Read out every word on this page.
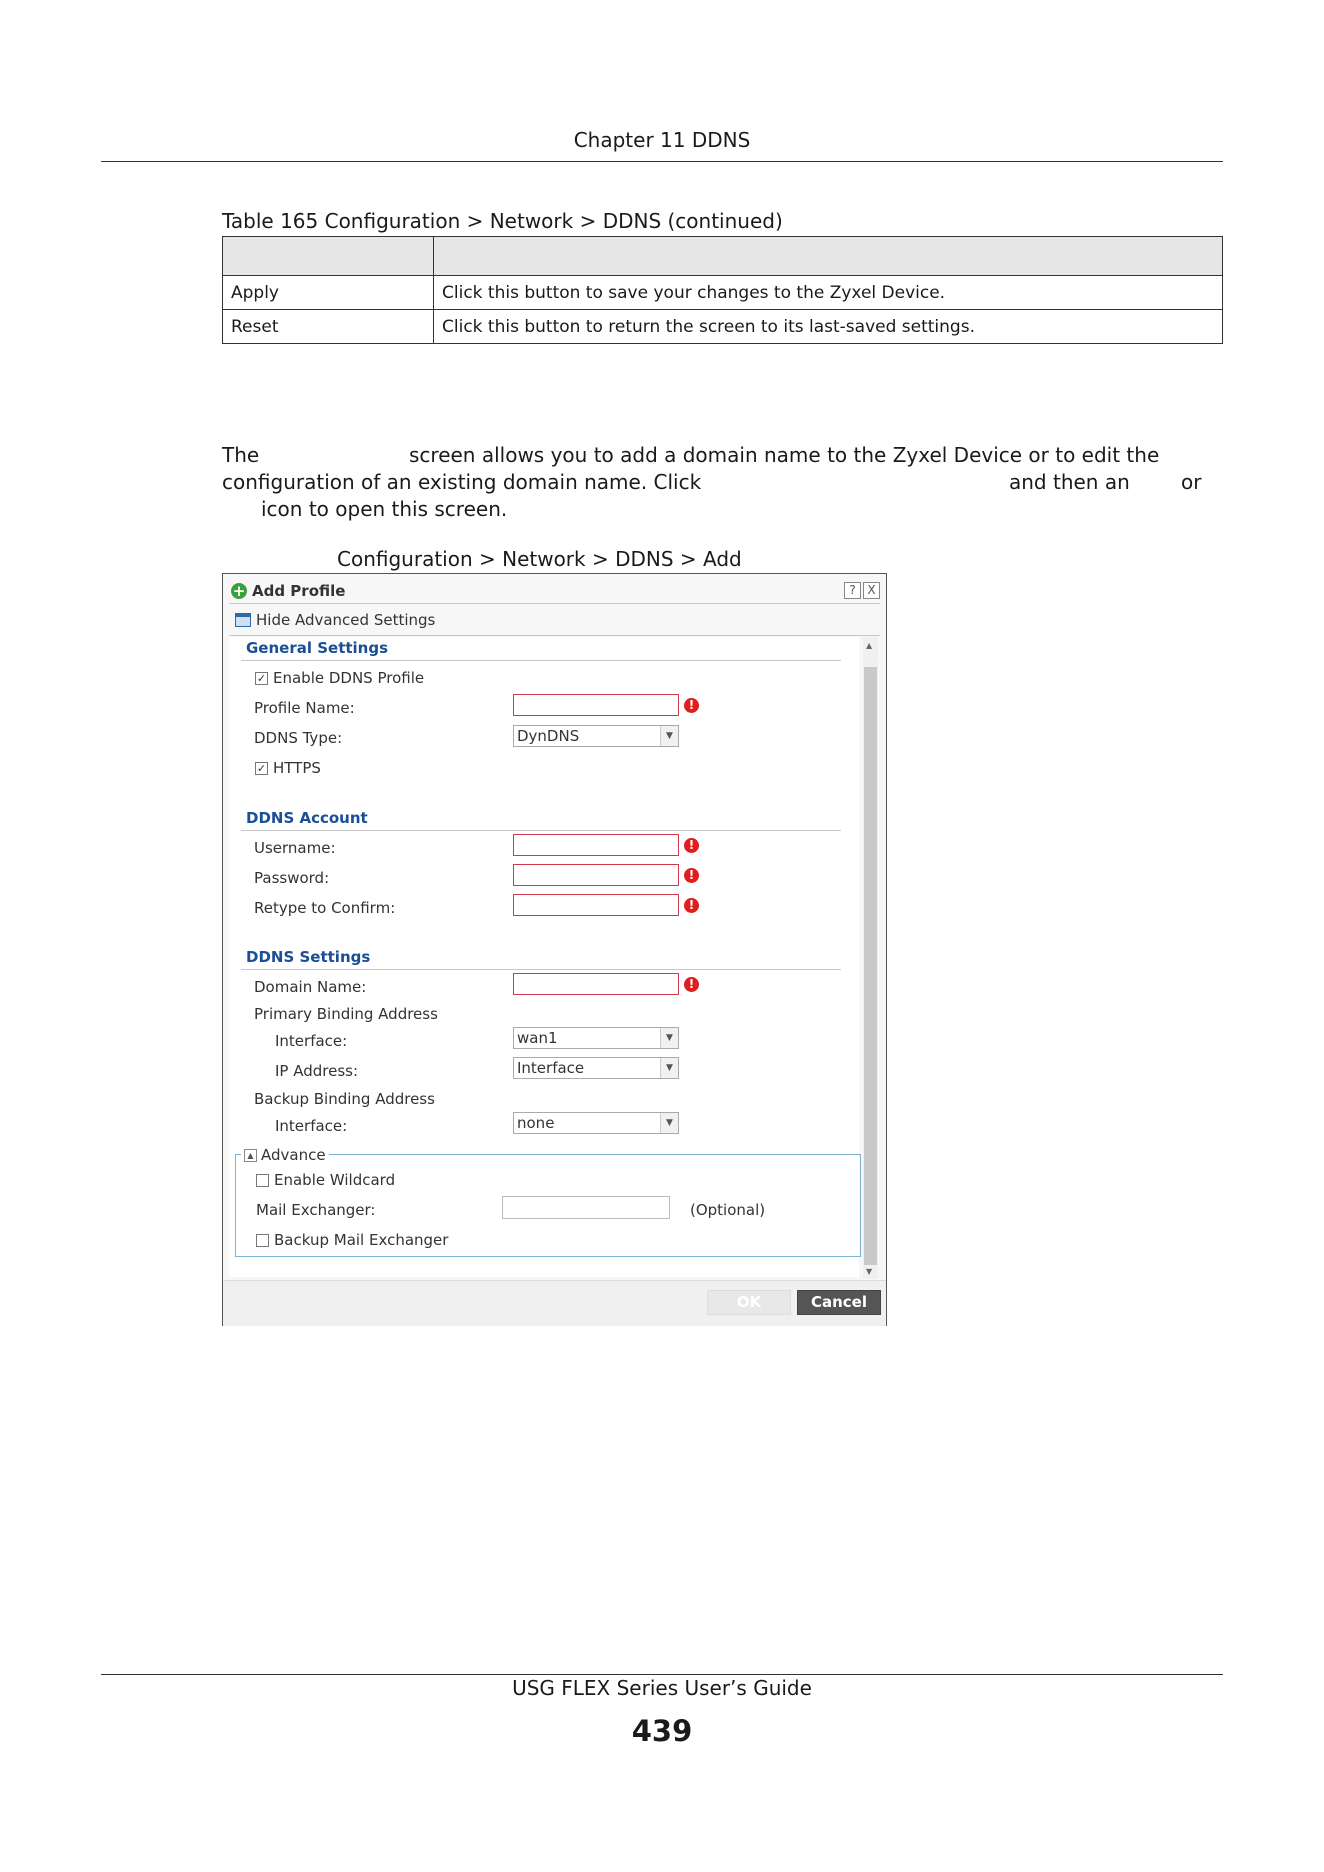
Chapter 11 DDNS
Table 165 Configuration > Network > DDNS (continued)

Apply	Click this button to save your changes to the Zyxel Device.
Reset	Click this button to return the screen to its last-saved settings.
The	screen allows you to add a domain name to the Zyxel Device or to edit the
configuration of an existing domain name. Click	and then an	or
icon to open this screen.
Configuration > Network > DDNS > Add
+ Add Profile	? X
Hide Advanced Settings
General Settings
✓ Enable DDNS Profile
Profile Name:	!
DDNS Type:	DynDNS	▼
✓ HTTPS
DDNS Account
Username:	!
Password:	!
Retype to Confirm:	!
DDNS Settings
Domain Name:	!
Primary Binding Address
Interface:	wan1	▼
IP Address:	Interface	▼
Backup Binding Address
Interface:	none	▼
▲ Advance
Enable Wildcard
Mail Exchanger:	(Optional)
Backup Mail Exchanger
▲
▼
OK	Cancel
USG FLEX Series User’s Guide
439
